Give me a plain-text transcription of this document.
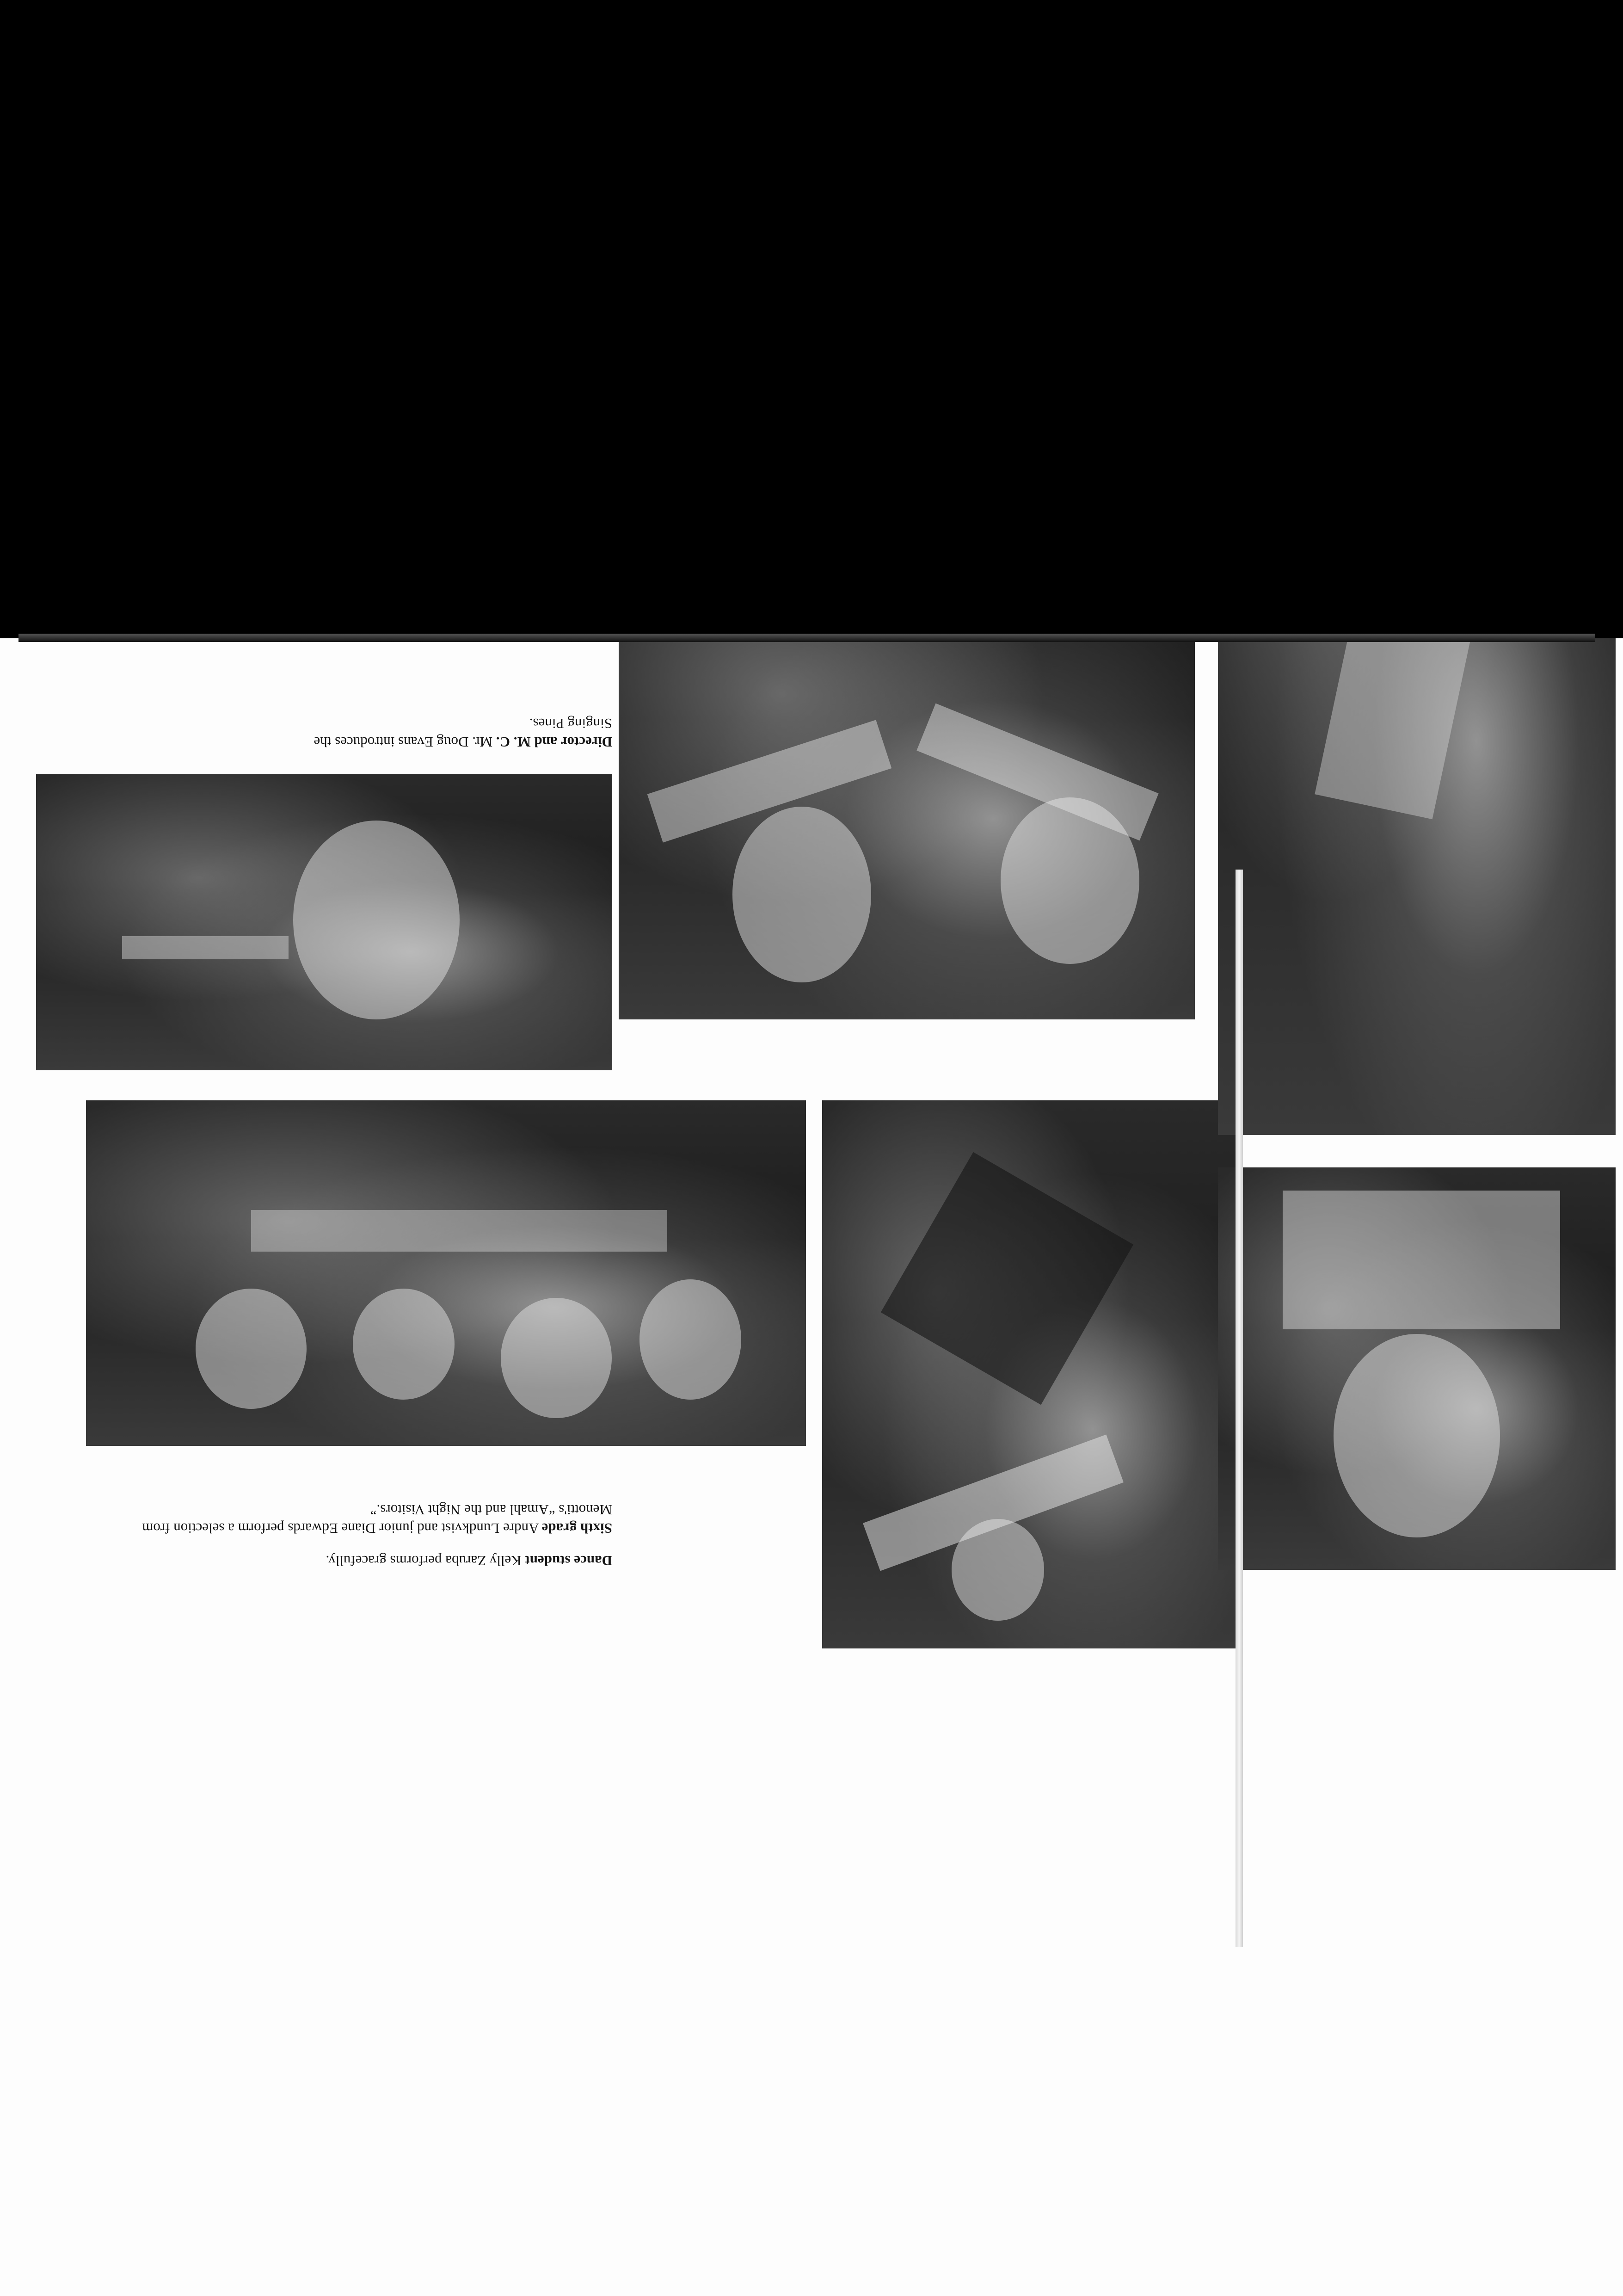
Director and M. C. Mr. Doug Evans introduces the Singing Pines.
Sixth grade Andre Lundkvist and junior Diane Edwards perform a selection from Menotti's “Amahl and the Night Visitors.”
Dance student Kelly Zaruba performs gracefully.
